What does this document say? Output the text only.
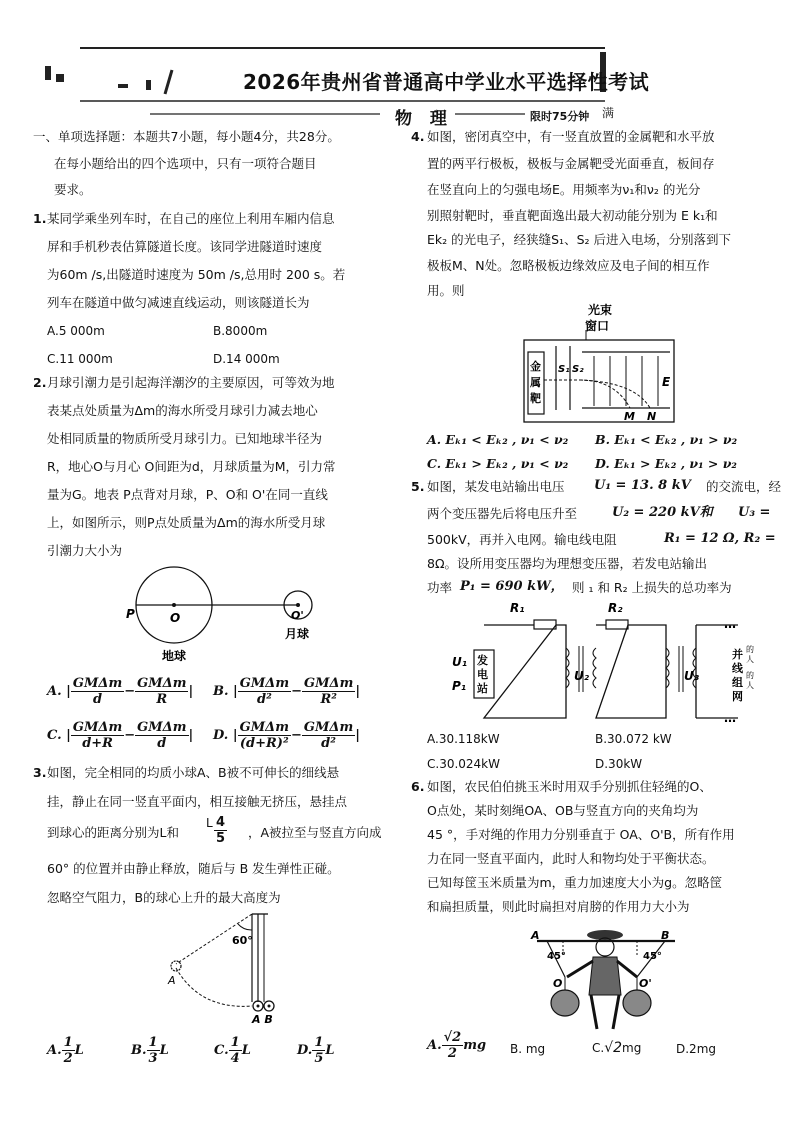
2026年贵州省普通高中学业水平选择性考试
物 理	限时75分钟 满
一、单项选择题：本题共7小题，每小题4分，共28分。
在每小题给出的四个选项中，只有一项符合题目
要求。
1. 某同学乘坐列车时，在自己的座位上利用车厢内信息
屏和手机秒表估算隧道长度。该同学进隧道时速度
为60m /s,出隧道时速度为 50m /s,总用时 200 s。若
列车在隧道中做匀减速直线运动，则该隧道长为
A.5 000m	B.8000m
C.11 000m	D.14 000m
2. 月球引潮力是引起海洋潮汐的主要原因，可等效为地
表某点处质量为Δm的海水所受月球引力减去地心
处相同质量的物质所受月球引力。已知地球半径为
R，地心O与月心 O间距为d，月球质量为M，引力常
量为G。地表 P点背对月球，P、O和 O'在同一直线
上，如图所示，则P点处质量为Δm的海水所受月球
引潮力大小为
P	O	O'
地球
月球
A. | $\frac{\text{GMΔm}}{d} - \frac{\text{GMΔm}}{R}$ | B. | $\frac{\text{GMΔm}}{\text{d²}} - \frac{\text{GMΔm}}{\text{R²}}$ |
C. | $\frac{\text{GMΔm}}{d+R} - \frac{\text{GMΔm}}{d}$ | D. | $\frac{\text{GMΔm}}{\text{(d+R)²}} - \frac{\text{GMΔm}}{\text{d²}}$ |
3. 如图，完全相同的均质小球A、B被不可伸长的细线悬
挂，静止在同一竖直平面内，相互接触无挤压，悬挂点
到球心的距离分别为L和
L $\frac{4}{5}$ ，A被拉至与竖直方向成
60° 的位置并由静止释放，随后与 B 发生弹性正碰。
忽略空气阻力，B的球心上升的最大高度为
60°
A
A B
A. $\frac{1}{2}$ L	B. $\frac{1}{3}$ L	C. $\frac{1}{4}$ L	D. $\frac{1}{5}$ L
4. 如图，密闭真空中，有一竖直放置的金属靶和水平放
置的两平行极板，极板与金属靶受光面垂直，板间存
在竖直向上的匀强电场E。用频率为ν₁和ν₂ 的光分
别照射靶时，垂直靶面逸出最大初动能分别为 E k₁和
Ek₂ 的光电子，经狭缝S₁、S₂ 后进入电场，分别落到下
极板M、N处。忽略极板边缘效应及电子间的相互作
用。则
光束
窗口
金
属
靶
S₁ S₂
E
M N
A. Eₖ₁ < Eₖ₂ , ν₁ < ν₂ B. Eₖ₁ < Eₖ₂ , ν₁ > ν₂
C. Eₖ₁ > Eₖ₂ , ν₁ < ν₂ D. Eₖ₁ > Eₖ₂ , ν₁ > ν₂
5. 如图，某发电站输出电压 U₁ = 13. 8 kV 的交流电，经
两个变压器先后将电压升至	U₂ = 220 kV和 U₃ =
500kV，再并入电网。输电线电阻	R₁ = 12 Ω, R₂ =
8Ω。设所用变压器均为理想变压器，若发电站输出
功率 P₁ = 690 kW， 则 ₁ 和 R₂ 上损失的总功率为
发
电
站
R₁	R₂
U₁
P₁
U₂	U₃
…
…
并
线
组
网
的
人
的
人
A.30.118kW	B.30.072 kW
C.30.024kW	D.30kW
6. 如图，农民伯伯挑玉米时用双手分别抓住轻绳的O、
O点处，某时刻绳OA、OB与竖直方向的夹角均为
45 °，手对绳的作用力分别垂直于 OA、O'B，所有作用
力在同一竖直平面内，此时人和物均处于平衡状态。
已知每筐玉米质量为m，重力加速度大小为g。忽略筐
和扁担质量，则此时扁担对肩膀的作用力大小为
A	B
45°	45°
O	O'
A. $\frac{√2}{2}$ mg B. mg	C.√2mg	D.2mg
